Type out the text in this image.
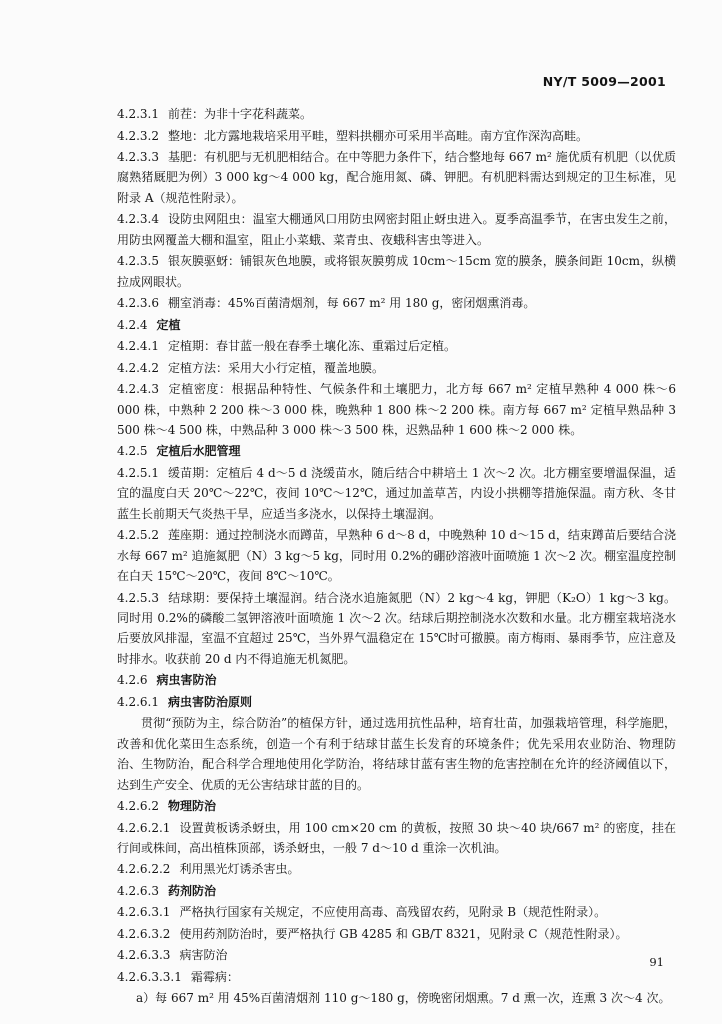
NY/T 5009—2001

4.2.3.1 前茬：为非十字花科蔬菜。

4.2.3.2 整地：北方露地栽培采用平畦，塑料拱棚亦可采用半高畦。南方宜作深沟高畦。

4.2.3.3 基肥：有机肥与无机肥相结合。在中等肥力条件下，结合整地每 667 m² 施优质有机肥（以优质腐熟猪厩肥为例）3 000 kg～4 000 kg，配合施用氮、磷、钾肥。有机肥料需达到规定的卫生标准，见附录 A（规范性附录）。

4.2.3.4 设防虫网阻虫：温室大棚通风口用防虫网密封阻止蚜虫进入。夏季高温季节，在害虫发生之前，用防虫网覆盖大棚和温室，阻止小菜蛾、菜青虫、夜蛾科害虫等进入。

4.2.3.5 银灰膜驱蚜：铺银灰色地膜，或将银灰膜剪成 10cm～15cm 宽的膜条，膜条间距 10cm，纵横拉成网眼状。

4.2.3.6 棚室消毒：45%百菌清烟剂，每 667 m² 用 180 g，密闭烟熏消毒。

4.2.4 定植

4.2.4.1 定植期：春甘蓝一般在春季土壤化冻、重霜过后定植。

4.2.4.2 定植方法：采用大小行定植，覆盖地膜。

4.2.4.3 定植密度：根据品种特性、气候条件和土壤肥力，北方每 667 m² 定植早熟种 4 000 株～6 000 株，中熟种 2 200 株～3 000 株，晚熟种 1 800 株～2 200 株。南方每 667 m² 定植早熟品种 3 500 株～4 500 株，中熟品种 3 000 株～3 500 株，迟熟品种 1 600 株～2 000 株。

4.2.5 定植后水肥管理

4.2.5.1 缓苗期：定植后 4 d～5 d 浇缓苗水，随后结合中耕培土 1 次～2 次。北方棚室要增温保温，适宜的温度白天 20℃～22℃，夜间 10℃～12℃，通过加盖草苫，内设小拱棚等措施保温。南方秋、冬甘蓝生长前期天气炎热干旱，应适当多浇水，以保持土壤湿润。

4.2.5.2 莲座期：通过控制浇水而蹲苗，早熟种 6 d～8 d，中晚熟种 10 d～15 d，结束蹲苗后要结合浇水每 667 m² 追施氮肥（N）3 kg～5 kg，同时用 0.2%的硼砂溶液叶面喷施 1 次～2 次。棚室温度控制在白天 15℃～20℃，夜间 8℃～10℃。

4.2.5.3 结球期：要保持土壤湿润。结合浇水追施氮肥（N）2 kg～4 kg，钾肥（K₂O）1 kg～3 kg。同时用 0.2%的磷酸二氢钾溶液叶面喷施 1 次～2 次。结球后期控制浇水次数和水量。北方棚室栽培浇水后要放风排湿，室温不宜超过 25℃，当外界气温稳定在 15℃时可撤膜。南方梅雨、暴雨季节，应注意及时排水。收获前 20 d 内不得追施无机氮肥。

4.2.6 病虫害防治

4.2.6.1 病虫害防治原则

贯彻“预防为主，综合防治”的植保方针，通过选用抗性品种，培育壮苗，加强栽培管理，科学施肥，改善和优化菜田生态系统，创造一个有利于结球甘蓝生长发育的环境条件；优先采用农业防治、物理防治、生物防治，配合科学合理地使用化学防治，将结球甘蓝有害生物的危害控制在允许的经济阈值以下，达到生产安全、优质的无公害结球甘蓝的目的。

4.2.6.2 物理防治

4.2.6.2.1 设置黄板诱杀蚜虫，用 100 cm×20 cm 的黄板，按照 30 块～40 块/667 m² 的密度，挂在行间或株间，高出植株顶部，诱杀蚜虫，一般 7 d～10 d 重涂一次机油。

4.2.6.2.2 利用黑光灯诱杀害虫。

4.2.6.3 药剂防治

4.2.6.3.1 严格执行国家有关规定，不应使用高毒、高残留农药，见附录 B（规范性附录）。

4.2.6.3.2 使用药剂防治时，要严格执行 GB 4285 和 GB/T 8321，见附录 C（规范性附录）。

4.2.6.3.3 病害防治

4.2.6.3.3.1 霜霉病：

a）每 667 m² 用 45%百菌清烟剂 110 g～180 g，傍晚密闭烟熏。7 d 熏一次，连熏 3 次～4 次。

91
